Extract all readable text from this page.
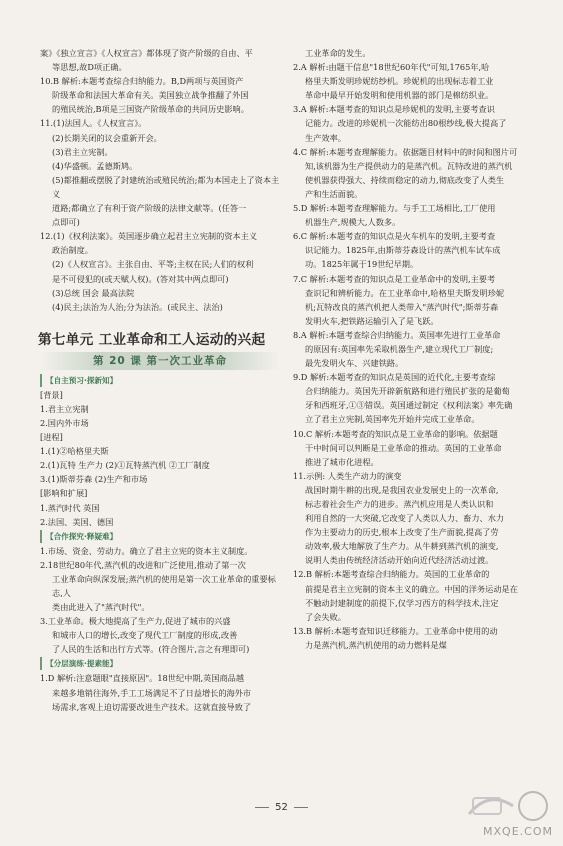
案》《独立宣言》《人权宣言》都体现了资产阶级的自由、平
等思想,故D项正确。
10.B 解析:本题考查综合归纳能力。B,D两项与英国资产
阶级革命和法国大革命有关。美国独立战争推翻了外国
的殖民统治,B项是三国资产阶级革命的共同历史影响。
11.(1)法国人。《人权宣言》。
(2)长期关闭的议会重新开会。
(3)君主立宪制。
(4)华盛顿。孟德斯鸠。
(5)都推翻或摆脱了封建统治或殖民统治;都为本国走上了资本主义
道路;都确立了有利于资产阶级的法律文献等。(任答一
点即可)
12.(1)《权利法案》。英国逐步确立起君主立宪制的资本主义
政治制度。
(2)《人权宣言》。主张自由、平等;主权在民;人们的权利
是不可侵犯的(或天赋人权)。(答对其中两点即可)
(3)总统 国会 最高法院
(4)民主;法治为人治;分为法治。(或民主、法治)
第七单元 工业革命和工人运动的兴起
第 20 课 第一次工业革命
【自主预习·探新知】
[背景]
1.君主立宪制
2.国内外市场
[进程]
1.(1)②哈格里夫斯
2.(1)瓦特 生产力 (2)①瓦特蒸汽机 ②工厂制度
3.(1)斯蒂芬森 (2)生产和市场
[影响和扩展]
1.蒸汽时代 英国
2.法国、美国、德国
【合作探究·释疑难】
1.市场、资金、劳动力。确立了君主立宪的资本主义制度。
2.18世纪80年代,蒸汽机的改进和广泛使用,推动了第一次
工业革命向纵深发展;蒸汽机的使用是第一次工业革命的重要标志,人
类由此进入了"蒸汽时代"。
3.工业革命。极大地提高了生产力,促进了城市的兴盛
和城市人口的增长,改变了现代工厂制度的形成,改善
了人民的生活和出行方式等。(符合图片,言之有理即可)
【分层演练·提素能】
1.D 解析:注意题眼"直接原因"。18世纪中期,英国商品越
来越多地销往海外,手工工场满足不了日益增长的海外市
场需求,客观上迫切需要改进生产技术。这就直接导致了
工业革命的发生。
2.A 解析:由题干信息"18世纪60年代"可知,1765年,哈
格里夫斯发明珍妮纺纱机。珍妮机的出现标志着工业
革命中最早开始发明和使用机器的部门是棉纺织业。
3.A 解析:本题考查的知识点是珍妮机的发明,主要考查识
记能力。改进的珍妮机一次能纺出80根纱线,极大提高了
生产效率。
4.C 解析:本题考查理解能力。依据题目材料中的时间和图片可
知,该机器为生产提供动力的是蒸汽机。瓦特改进的蒸汽机
使机器获得强大、持续而稳定的动力,彻底改变了人类生
产和生活面貌。
5.D 解析:本题考查理解能力。与手工工场相比,工厂使用
机器生产,规模大,人数多。
6.C 解析:本题考查的知识点是火车机车的发明,主要考查
识记能力。1825年,由斯蒂芬森设计的蒸汽机车试车成
功。1825年属于19世纪早期。
7.C 解析:本题考查的知识点是工业革命中的发明,主要考
查识记和辨析能力。在工业革命中,哈格里夫斯发明珍妮
机;瓦特改良的蒸汽机把人类带入"蒸汽时代";斯蒂芬森
发明火车,把铁路运输引入了是飞跃。
8.A 解析:本题考查综合归纳能力。英国率先进行工业革命
的原因有:英国率先采取机器生产,建立现代工厂制度;
最先发明火车、兴建铁路。
9.D 解析:本题考查的知识点是英国的近代化,主要考查综
合归纳能力。英国先开辟新航路和进行殖民扩张的是葡萄
牙和西班牙,①③错误。英国通过制定《权利法案》率先确
立了君主立宪制,英国率先开始并完成工业革命。
10.C 解析:本题考查的知识点是工业革命的影响。依据题
干中时间可以判断是工业革命的推动。英国的工业革命
推进了城市化进程。
11.示例: 人类生产动力的演变
战国时期牛耕的出现,是我国农业发展史上的一次革命,
标志着社会生产力的进步。蒸汽机应用是人类认识和
利用自然的一大突破,它改变了人类以人力、畜力、水力
作为主要动力的历史,根本上改变了生产面貌,提高了劳
动效率,极大地解放了生产力。从牛耕到蒸汽机的演变,
说明人类由传统经济活动开始向近代经济活动过渡。
12.B 解析:本题考查综合归纳能力。英国的工业革命的
前提是君主立宪制的资本主义的确立。中国的洋务运动是在
不触动封建制度的前提下,仅学习西方的科学技术,注定
了会失败。
13.B 解析:本题考查知识迁移能力。工业革命中使用的动
力是蒸汽机,蒸汽机使用的动力燃料是煤
52
MXQE.COM
